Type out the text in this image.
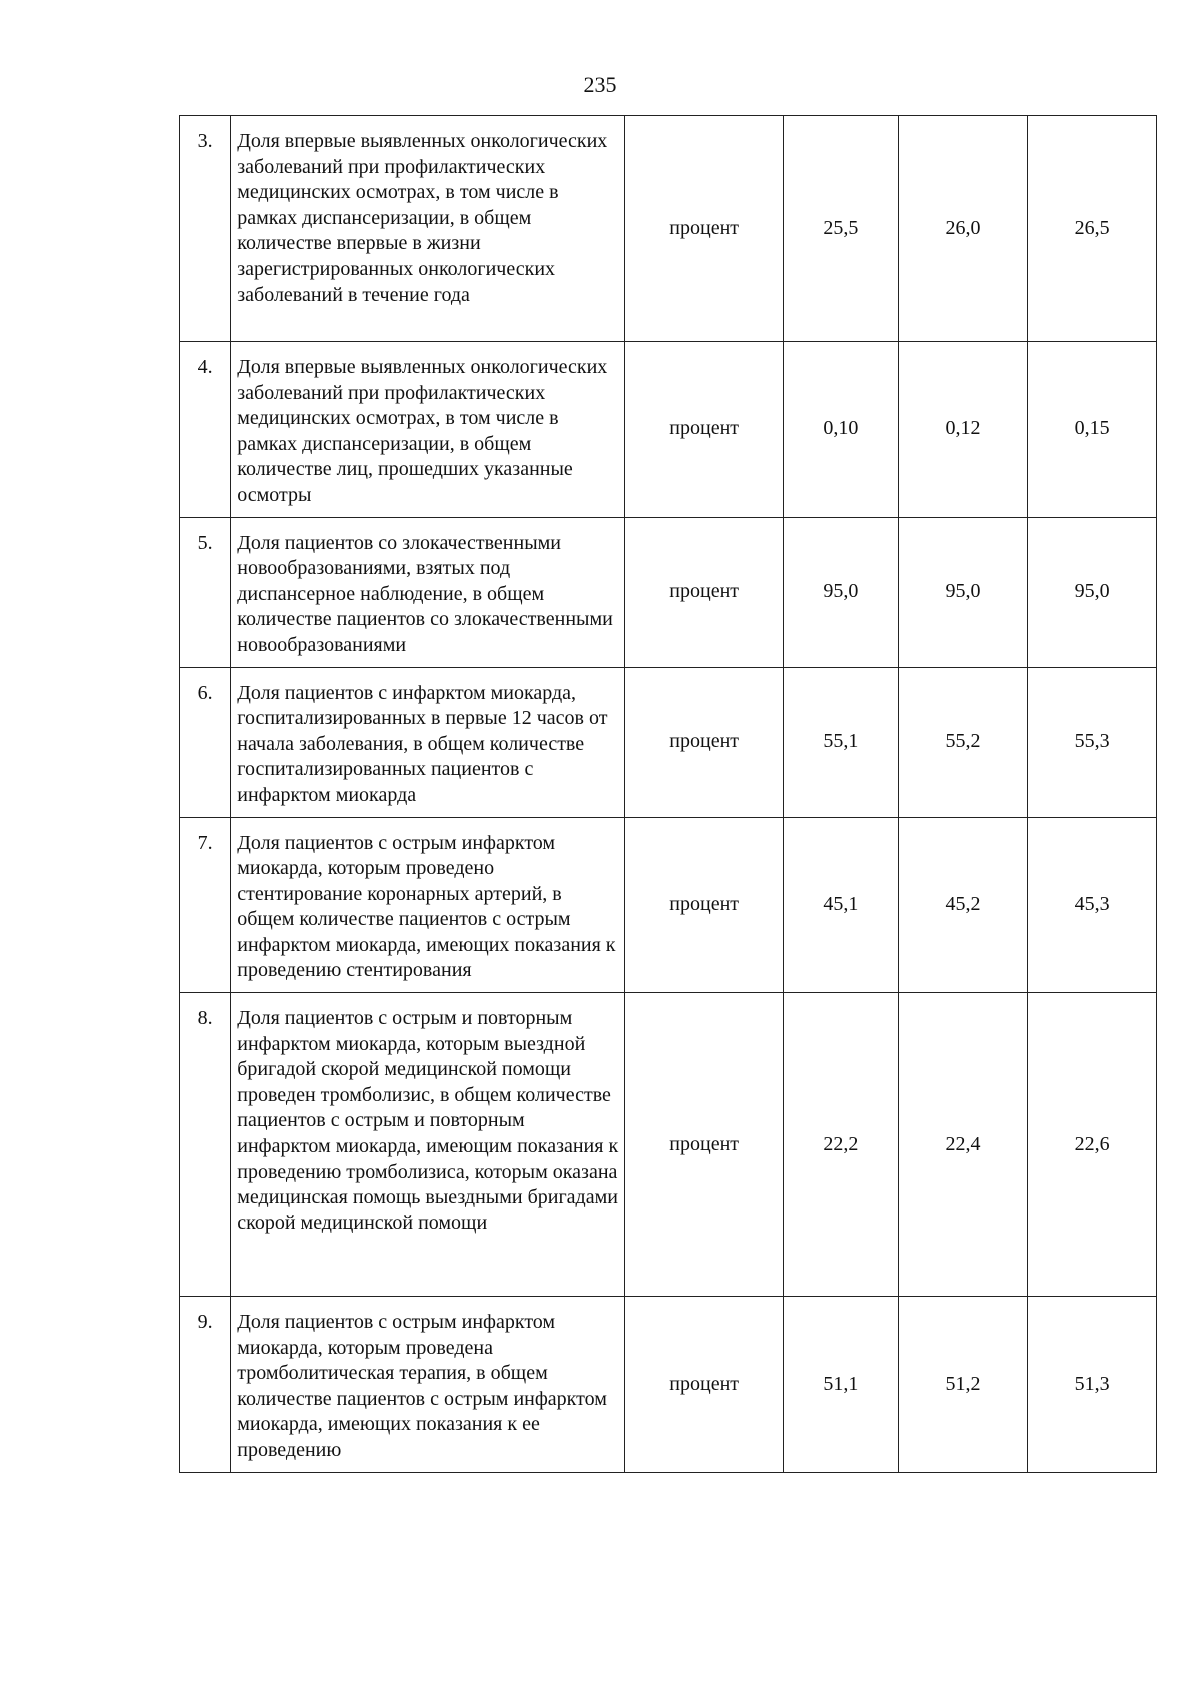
235
3.	Доля впервые выявленных онкологических заболеваний при профилактических медицинских осмотрах, в том числе в рамках диспансеризации, в общем количестве впервые в жизни зарегистрированных онкологических заболеваний в течение года	процент	25,5	26,0	26,5
4.	Доля впервые выявленных онкологических заболеваний при профилактических медицинских осмотрах, в том числе в рамках диспансеризации, в общем количестве лиц, прошедших указанные осмотры	процент	0,10	0,12	0,15
5.	Доля пациентов со злокачественными новообразованиями, взятых под диспансерное наблюдение, в общем количестве пациентов со злокачественными новообразованиями	процент	95,0	95,0	95,0
6.	Доля пациентов с инфарктом миокарда, госпитализированных в первые 12 часов от начала заболевания, в общем количестве госпитализированных пациентов с инфарктом миокарда	процент	55,1	55,2	55,3
7.	Доля пациентов с острым инфарктом миокарда, которым проведено стентирование коронарных артерий, в общем количестве пациентов с острым инфарктом миокарда, имеющих показания к проведению стентирования	процент	45,1	45,2	45,3
8.	Доля пациентов с острым и повторным инфарктом миокарда, которым выездной бригадой скорой медицинской помощи проведен тромболизис, в общем количестве пациентов с острым и повторным инфарктом миокарда, имеющим показания к проведению тромболизиса, которым оказана медицинская помощь выездными бригадами скорой медицинской помощи	процент	22,2	22,4	22,6
9.	Доля пациентов с острым инфарктом миокарда, которым проведена тромболитическая терапия, в общем количестве пациентов с острым инфарктом миокарда, имеющих показания к ее проведению	процент	51,1	51,2	51,3
